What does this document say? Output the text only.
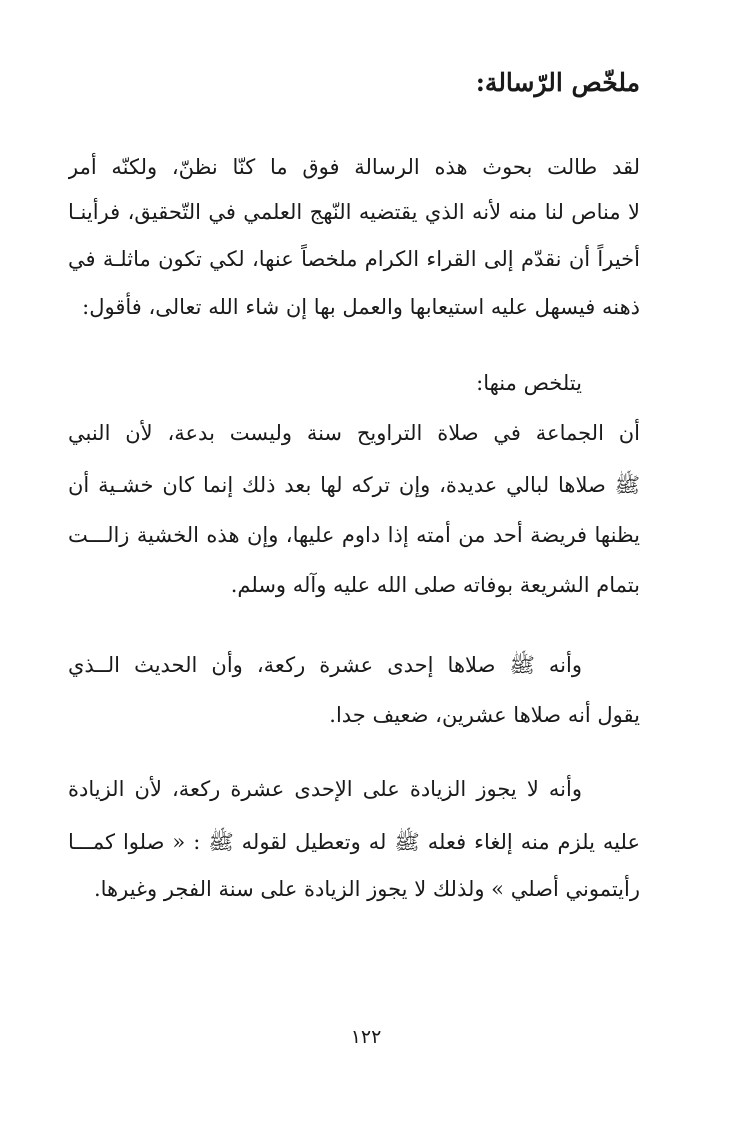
ملخّص الرّسالة:
لقد طالت بحوث هذه الرسالة فوق ما كنّا نظنّ، ولكنّه أمر
لا مناص لنا منه لأنه الذي يقتضيه النّهج العلمي في التّحقيق، فرأينـا
أخيراً أن نقدّم إلى القراء الكرام ملخصاً عنها، لكي تكون ماثلـة في
ذهنه فيسهل عليه استيعابها والعمل بها إن شاء الله تعالى، فأقول:
يتلخص منها:
أن الجماعة في صلاة التراويح سنة وليست بدعة، لأن النبي
ﷺ صلاها لبالي عديدة، وإن تركه لها بعد ذلك إنما كان خشـية أن
يظنها فريضة أحد من أمته إذا داوم عليها، وإن هذه الخشية زالـــت
بتمام الشريعة بوفاته صلى الله عليه وآله وسلم.
وأنه ﷺ صلاها إحدى عشرة ركعة، وأن الحديث الــذي
يقول أنه صلاها عشرين، ضعيف جدا.
وأنه لا يجوز الزيادة على الإحدى عشرة ركعة، لأن الزيادة
عليه يلزم منه إلغاء فعله ﷺ له وتعطيل لقوله ﷺ : « صلوا كمـــا
رأيتموني أصلي » ولذلك لا يجوز الزيادة على سنة الفجر وغيرها.
١٢٢
